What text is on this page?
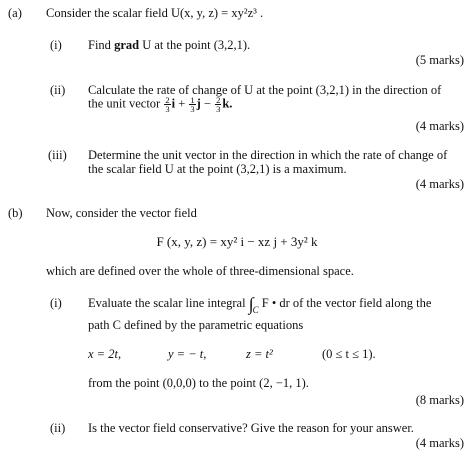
(a) Consider the scalar field U(x, y, z) = xy²z³ .
(i) Find grad U at the point (3,2,1).
(5 marks)
(ii) Calculate the rate of change of U at the point (3,2,1) in the direction of
the unit vector $\frac{2}{3}$ $i + \frac{1}{3}$ $j - \frac{2}{3} k$.
(4 marks)
(iii) Determine the unit vector in the direction in which the rate of change of
the scalar field U at the point (3,2,1) is a maximum.
(4 marks)
(b) Now, consider the vector field
F (x, y, z) = xy² i − xz j + 3y² k
which are defined over the whole of three-dimensional space.
(i) Evaluate the scalar line integral $\int_C$ F • dr of the vector field along the
path C defined by the parametric equations
x = 2t,	y = − t,	z = t²	(0 ≤ t ≤ 1).
from the point (0,0,0) to the point (2, −1, 1).
(8 marks)
(ii) Is the vector field conservative? Give the reason for your answer.
(4 marks)
